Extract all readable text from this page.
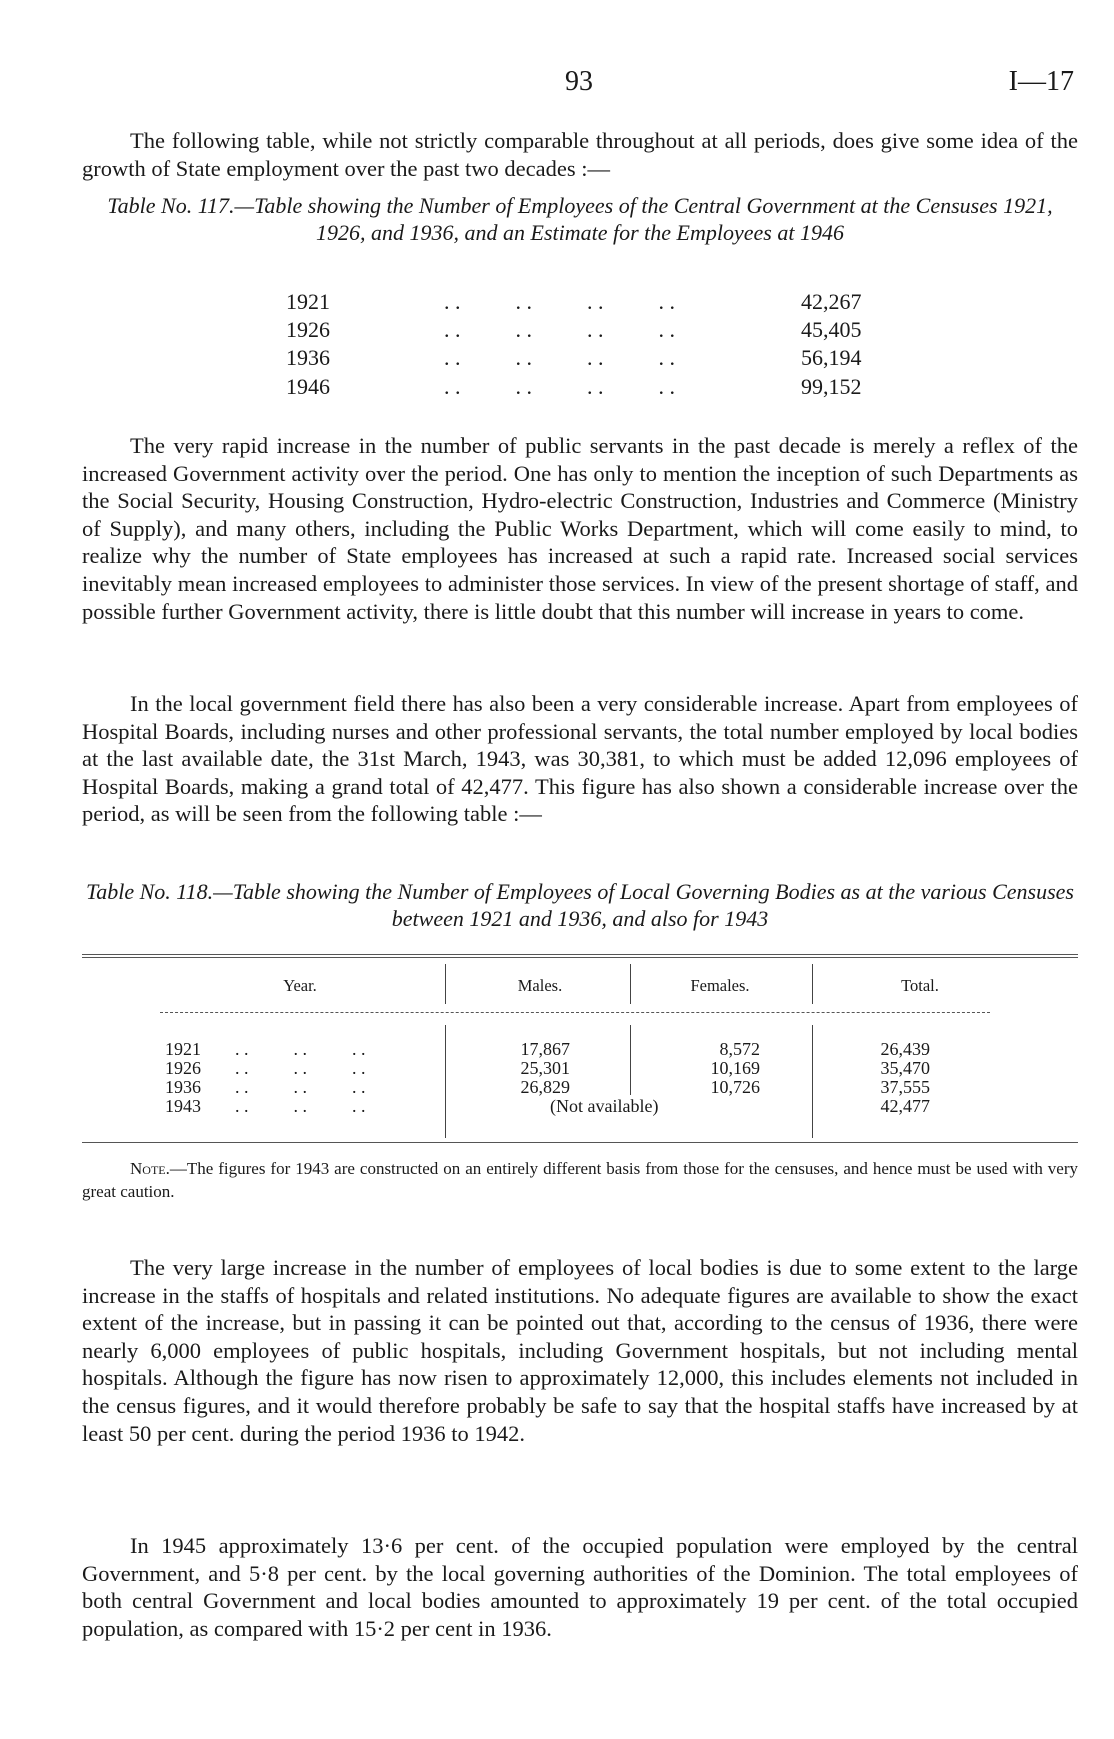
93	I—17

The following table, while not strictly comparable throughout at all periods, does give some idea of the growth of State employment over the past two decades :—

Table No. 117.—Table showing the Number of Employees of the Central Government at the Censuses 1921, 1926, and 1936, and an Estimate for the Employees at 1946

1921	. .          . .          . .          . .	42,267
1926	. .          . .          . .          . .	45,405
1936	. .          . .          . .          . .	56,194
1946	. .          . .          . .          . .	99,152

The very rapid increase in the number of public servants in the past decade is merely a reflex of the increased Government activity over the period. One has only to mention the inception of such Departments as the Social Security, Housing Construction, Hydro-electric Construction, Industries and Commerce (Ministry of Supply), and many others, including the Public Works Department, which will come easily to mind, to realize why the number of State employees has increased at such a rapid rate. Increased social services inevitably mean increased employees to administer those services. In view of the present shortage of staff, and possible further Government activity, there is little doubt that this number will increase in years to come.

In the local government field there has also been a very considerable increase. Apart from employees of Hospital Boards, including nurses and other professional servants, the total number employed by local bodies at the last available date, the 31st March, 1943, was 30,381, to which must be added 12,096 employees of Hospital Boards, making a grand total of 42,477. This figure has also shown a considerable increase over the period, as will be seen from the following table :—

Table No. 118.—Table showing the Number of Employees of Local Governing Bodies as at the various Censuses between 1921 and 1936, and also for 1943

Year.	Males.	Females.	Total.
1921 . .          . .          . .	17,867	8,572	26,439
1926 . .          . .          . .	25,301	10,169	35,470
1936 . .          . .          . .	26,829	10,726	37,555
1943 . .          . .          . .	(Not available)	42,477

Note.—The figures for 1943 are constructed on an entirely different basis from those for the censuses, and hence must be used with very great caution.

The very large increase in the number of employees of local bodies is due to some extent to the large increase in the staffs of hospitals and related institutions. No adequate figures are available to show the exact extent of the increase, but in passing it can be pointed out that, according to the census of 1936, there were nearly 6,000 employees of public hospitals, including Government hospitals, but not including mental hospitals. Although the figure has now risen to approximately 12,000, this includes elements not included in the census figures, and it would therefore probably be safe to say that the hospital staffs have increased by at least 50 per cent. during the period 1936 to 1942.

In 1945 approximately 13·6 per cent. of the occupied population were employed by the central Government, and 5·8 per cent. by the local governing authorities of the Dominion. The total employees of both central Government and local bodies amounted to approximately 19 per cent. of the total occupied population, as compared with 15·2 per cent in 1936.
